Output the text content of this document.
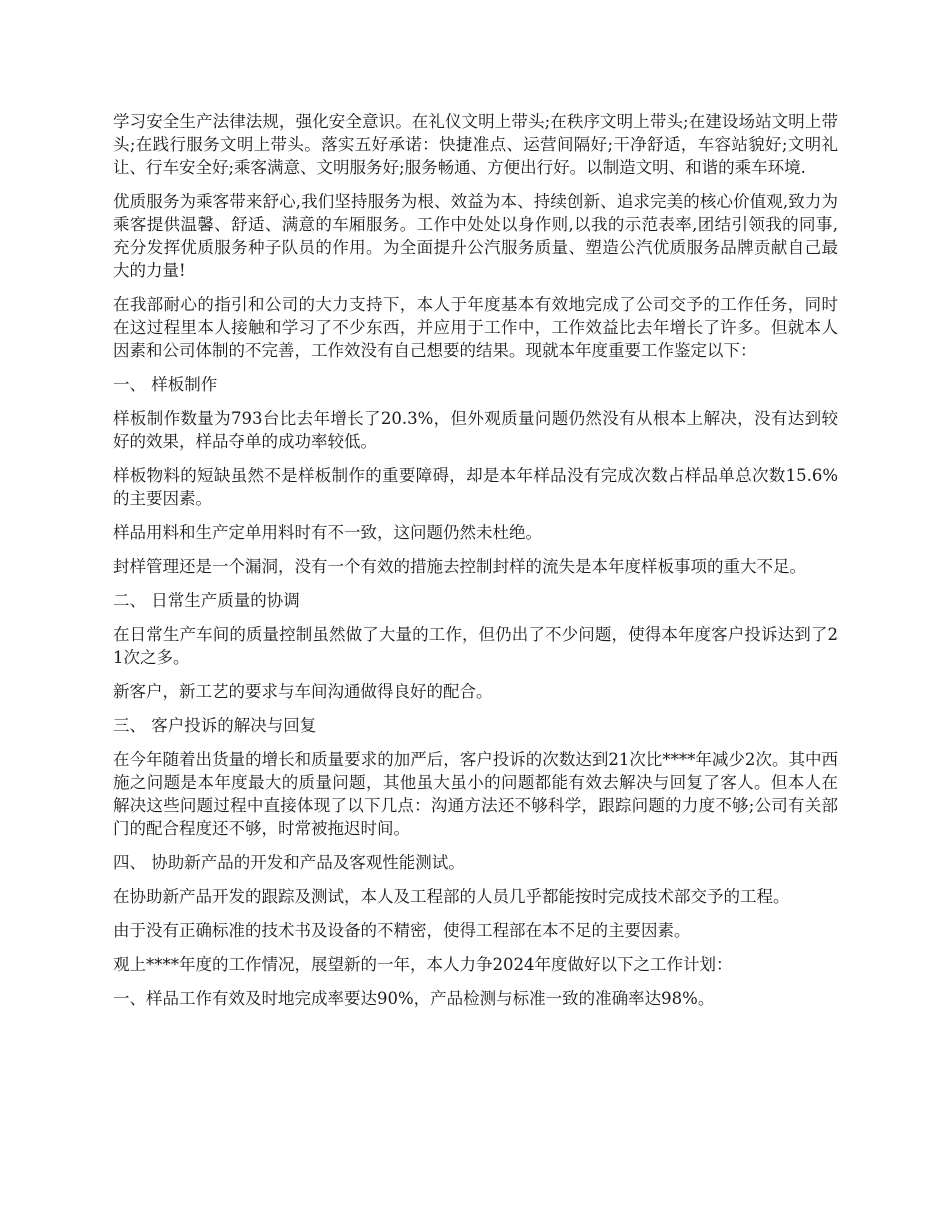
学习安全生产法律法规，强化安全意识。在礼仪文明上带头;在秩序文明上带头;在建设场站文明上带头;在践行服务文明上带头。落实五好承诺：快捷准点、运营间隔好;干净舒适，车容站貌好;文明礼让、行车安全好;乘客满意、文明服务好;服务畅通、方便出行好。以制造文明、和谐的乘车环境.

优质服务为乘客带来舒心,我们坚持服务为根、效益为本、持续创新、追求完美的核心价值观,致力为乘客提供温馨、舒适、满意的车厢服务。工作中处处以身作则,以我的示范表率,团结引领我的同事,充分发挥优质服务种子队员的作用。为全面提升公汽服务质量、塑造公汽优质服务品牌贡献自己最大的力量!

在我部耐心的指引和公司的大力支持下，本人于年度基本有效地完成了公司交予的工作任务，同时在这过程里本人接触和学习了不少东西，并应用于工作中，工作效益比去年增长了许多。但就本人因素和公司体制的不完善，工作效没有自己想要的结果。现就本年度重要工作鉴定以下：

一、 样板制作

样板制作数量为793台比去年增长了20.3%，但外观质量问题仍然没有从根本上解决，没有达到较好的效果，样品夺单的成功率较低。

样板物料的短缺虽然不是样板制作的重要障碍，却是本年样品没有完成次数占样品单总次数15.6%的主要因素。

样品用料和生产定单用料时有不一致，这问题仍然未杜绝。

封样管理还是一个漏洞，没有一个有效的措施去控制封样的流失是本年度样板事项的重大不足。

二、 日常生产质量的协调

在日常生产车间的质量控制虽然做了大量的工作，但仍出了不少问题，使得本年度客户投诉达到了21次之多。

新客户，新工艺的要求与车间沟通做得良好的配合。

三、 客户投诉的解决与回复

在今年随着出货量的增长和质量要求的加严后，客户投诉的次数达到21次比****年减少2次。其中西施之问题是本年度最大的质量问题，其他虽大虽小的问题都能有效去解决与回复了客人。但本人在解决这些问题过程中直接体现了以下几点：沟通方法还不够科学，跟踪问题的力度不够;公司有关部门的配合程度还不够，时常被拖迟时间。

四、 协助新产品的开发和产品及客观性能测试。

在协助新产品开发的跟踪及测试，本人及工程部的人员几乎都能按时完成技术部交予的工程。

由于没有正确标准的技术书及设备的不精密，使得工程部在本不足的主要因素。

观上****年度的工作情况，展望新的一年，本人力争2024年度做好以下之工作计划：

一、样品工作有效及时地完成率要达90%，产品检测与标准一致的准确率达98%。
